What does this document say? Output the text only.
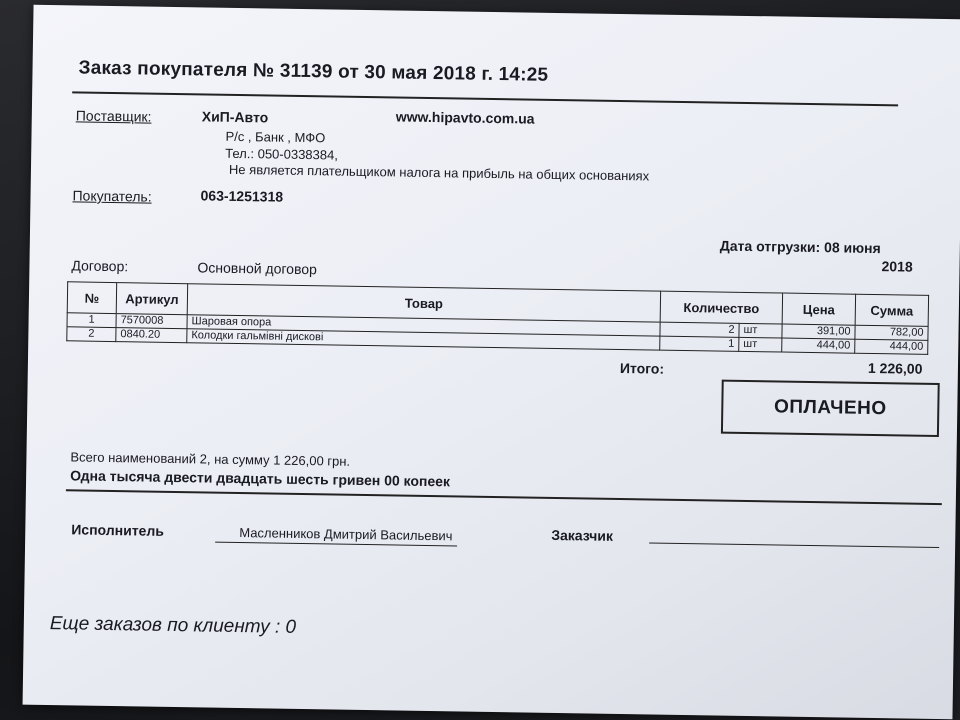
Заказ покупателя № 31139 от 30 мая 2018 г. 14:25
Поставщик:	ХиП-Авто	www.hipavto.com.ua
Р/с , Банк , МФО
Тел.: 050-0338384,
Не является плательщиком налога на прибыль на общих основаниях
Покупатель:	063-1251318
Дата отгрузки: 08 июня
2018
Договор:	Основной договор
№	Артикул	Товар	Количество		Цена	Сумма
1	7570008	Шаровая опора	2	шт	391,00	782,00
2	0840.20	Колодки гальмівні дискові	1	шт	444,00	444,00
Итого:	1 226,00
ОПЛАЧЕНО
Всего наименований 2, на сумму 1 226,00 грн.
Одна тысяча двести двадцать шесть гривен 00 копеек
Исполнитель	Масленников Дмитрий Васильевич	Заказчик
Еще заказов по клиенту : 0
